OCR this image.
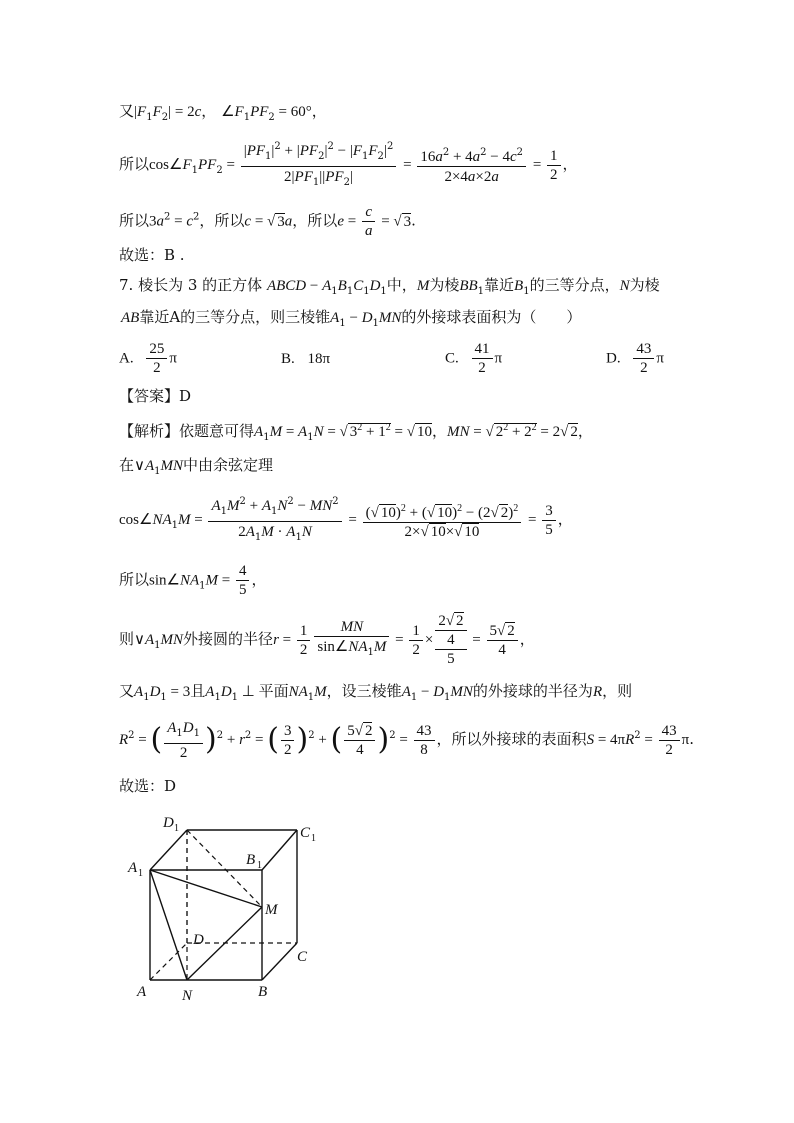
又$|F_1F_2| = 2c$， $\angle F_1PF_2 = 60^\circ$，
所以$\cos\angle F_1PF_2 = \frac{|PF_1|^2 + |PF_2|^2 - |F_1F_2|^2}{2|PF_1||PF_2|} = \frac{16a^2 + 4a^2 - 4c^2}{2\times 4a\times 2a} = \frac{1}{2}$ ，
所以$3a^2 = c^2$，所以c = √ 3a，所以$e = \frac{c}{a}$ = √ 3.
故选：B .
7. 棱长为 3 的正方体 ABCD − $A_1B_1C_1D_1$中，M为棱$BB_1$靠近$B_1$的三等分点，N为棱
AB靠近A的三等分点，则三棱锥$A_1 - D_1MN$的外接球表面积为（　　）
A. $\frac{25}{2}$ π	B. 18π	C. $\frac{41}{2}$ π	D. $\frac{43}{2}$ π
【答案】D
【解析】依题意可得$A_1M = A_1N$ = √ $3^2 + 1^2$ = √ 10，MN = √ $2^2 + 2^2 = 2√$ 2，
在$\vee A_1MN$中由余弦定理
$\cos\angle NA_1M = \frac{A_1M^2 + A_1N^2 - MN^2}{2A_1M \cdot A_1N} = \frac{(√ 10)^2 + (√ 10)^2 - (2√ 2)^2}{2\times√ 10\times√ 10} = \frac{3}{5}$ ，
所以$\sin\angle NA_1M = \frac{4}{5}$ ，
则$\vee A_1MN$外接圆的半径$r = \frac{1}{2} \frac{MN}{\sin\angle NA_1M} = \frac{1}{2}$ ×
2√ 2
4
5
= $\frac{5√ 2}{4}$ ，
又$A_1D_1 = 3$且$A_1D_1$ ⊥ 平面$NA_1M$，设三棱锥$A_1 - D_1MN$的外接球的半径为R，则
$R^2$ = ( $\frac{A_1D_1}{2} )^2 + r^2$ = ( $\frac{3}{2} )^2$ + ( $\frac{5√ 2}{4} )^2 = \frac{43}{8}$ ，所以外接球的表面积$S = 4\pi R^2 = \frac{43}{2} \pi$.
故选：D
D 1	C 1
A 1
B 1
M
D
C
A N	B
